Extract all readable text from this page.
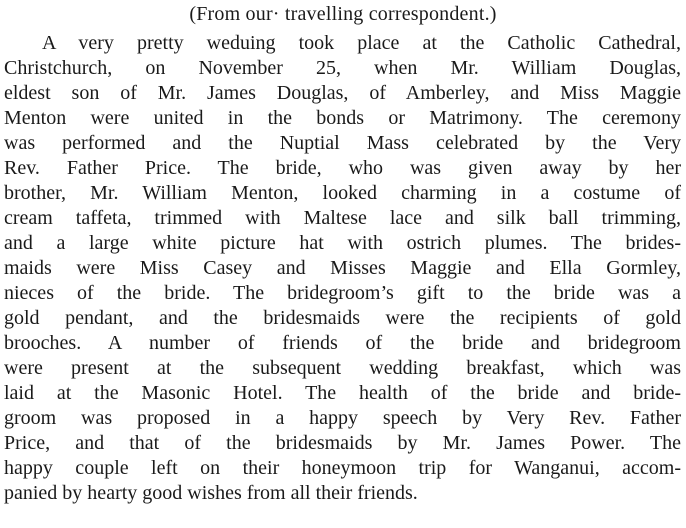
(From our· travelling correspondent.)
A very pretty weduing took place at the Catholic Cathedral,
Christchurch, on November 25, when Mr. William Douglas,
eldest son of Mr. James Douglas, of Amberley, and Miss Maggie
Menton were united in the bonds or Matrimony. The ceremony
was performed and the Nuptial Mass celebrated by the Very
Rev. Father Price. The bride, who was given away by her
brother, Mr. William Menton, looked charming in a costume of
cream taffeta, trimmed with Maltese lace and silk ball trimming,
and a large white picture hat with ostrich plumes. The brides-
maids were Miss Casey and Misses Maggie and Ella Gormley,
nieces of the bride. The bridegroom’s gift to the bride was a
gold pendant, and the bridesmaids were the recipients of gold
brooches. A number of friends of the bride and bridegroom
were present at the subsequent wedding breakfast, which was
laid at the Masonic Hotel. The health of the bride and bride-
groom was proposed in a happy speech by Very Rev. Father
Price, and that of the bridesmaids by Mr. James Power. The
happy couple left on their honeymoon trip for Wanganui, accom-
panied by hearty good wishes from all their friends.
